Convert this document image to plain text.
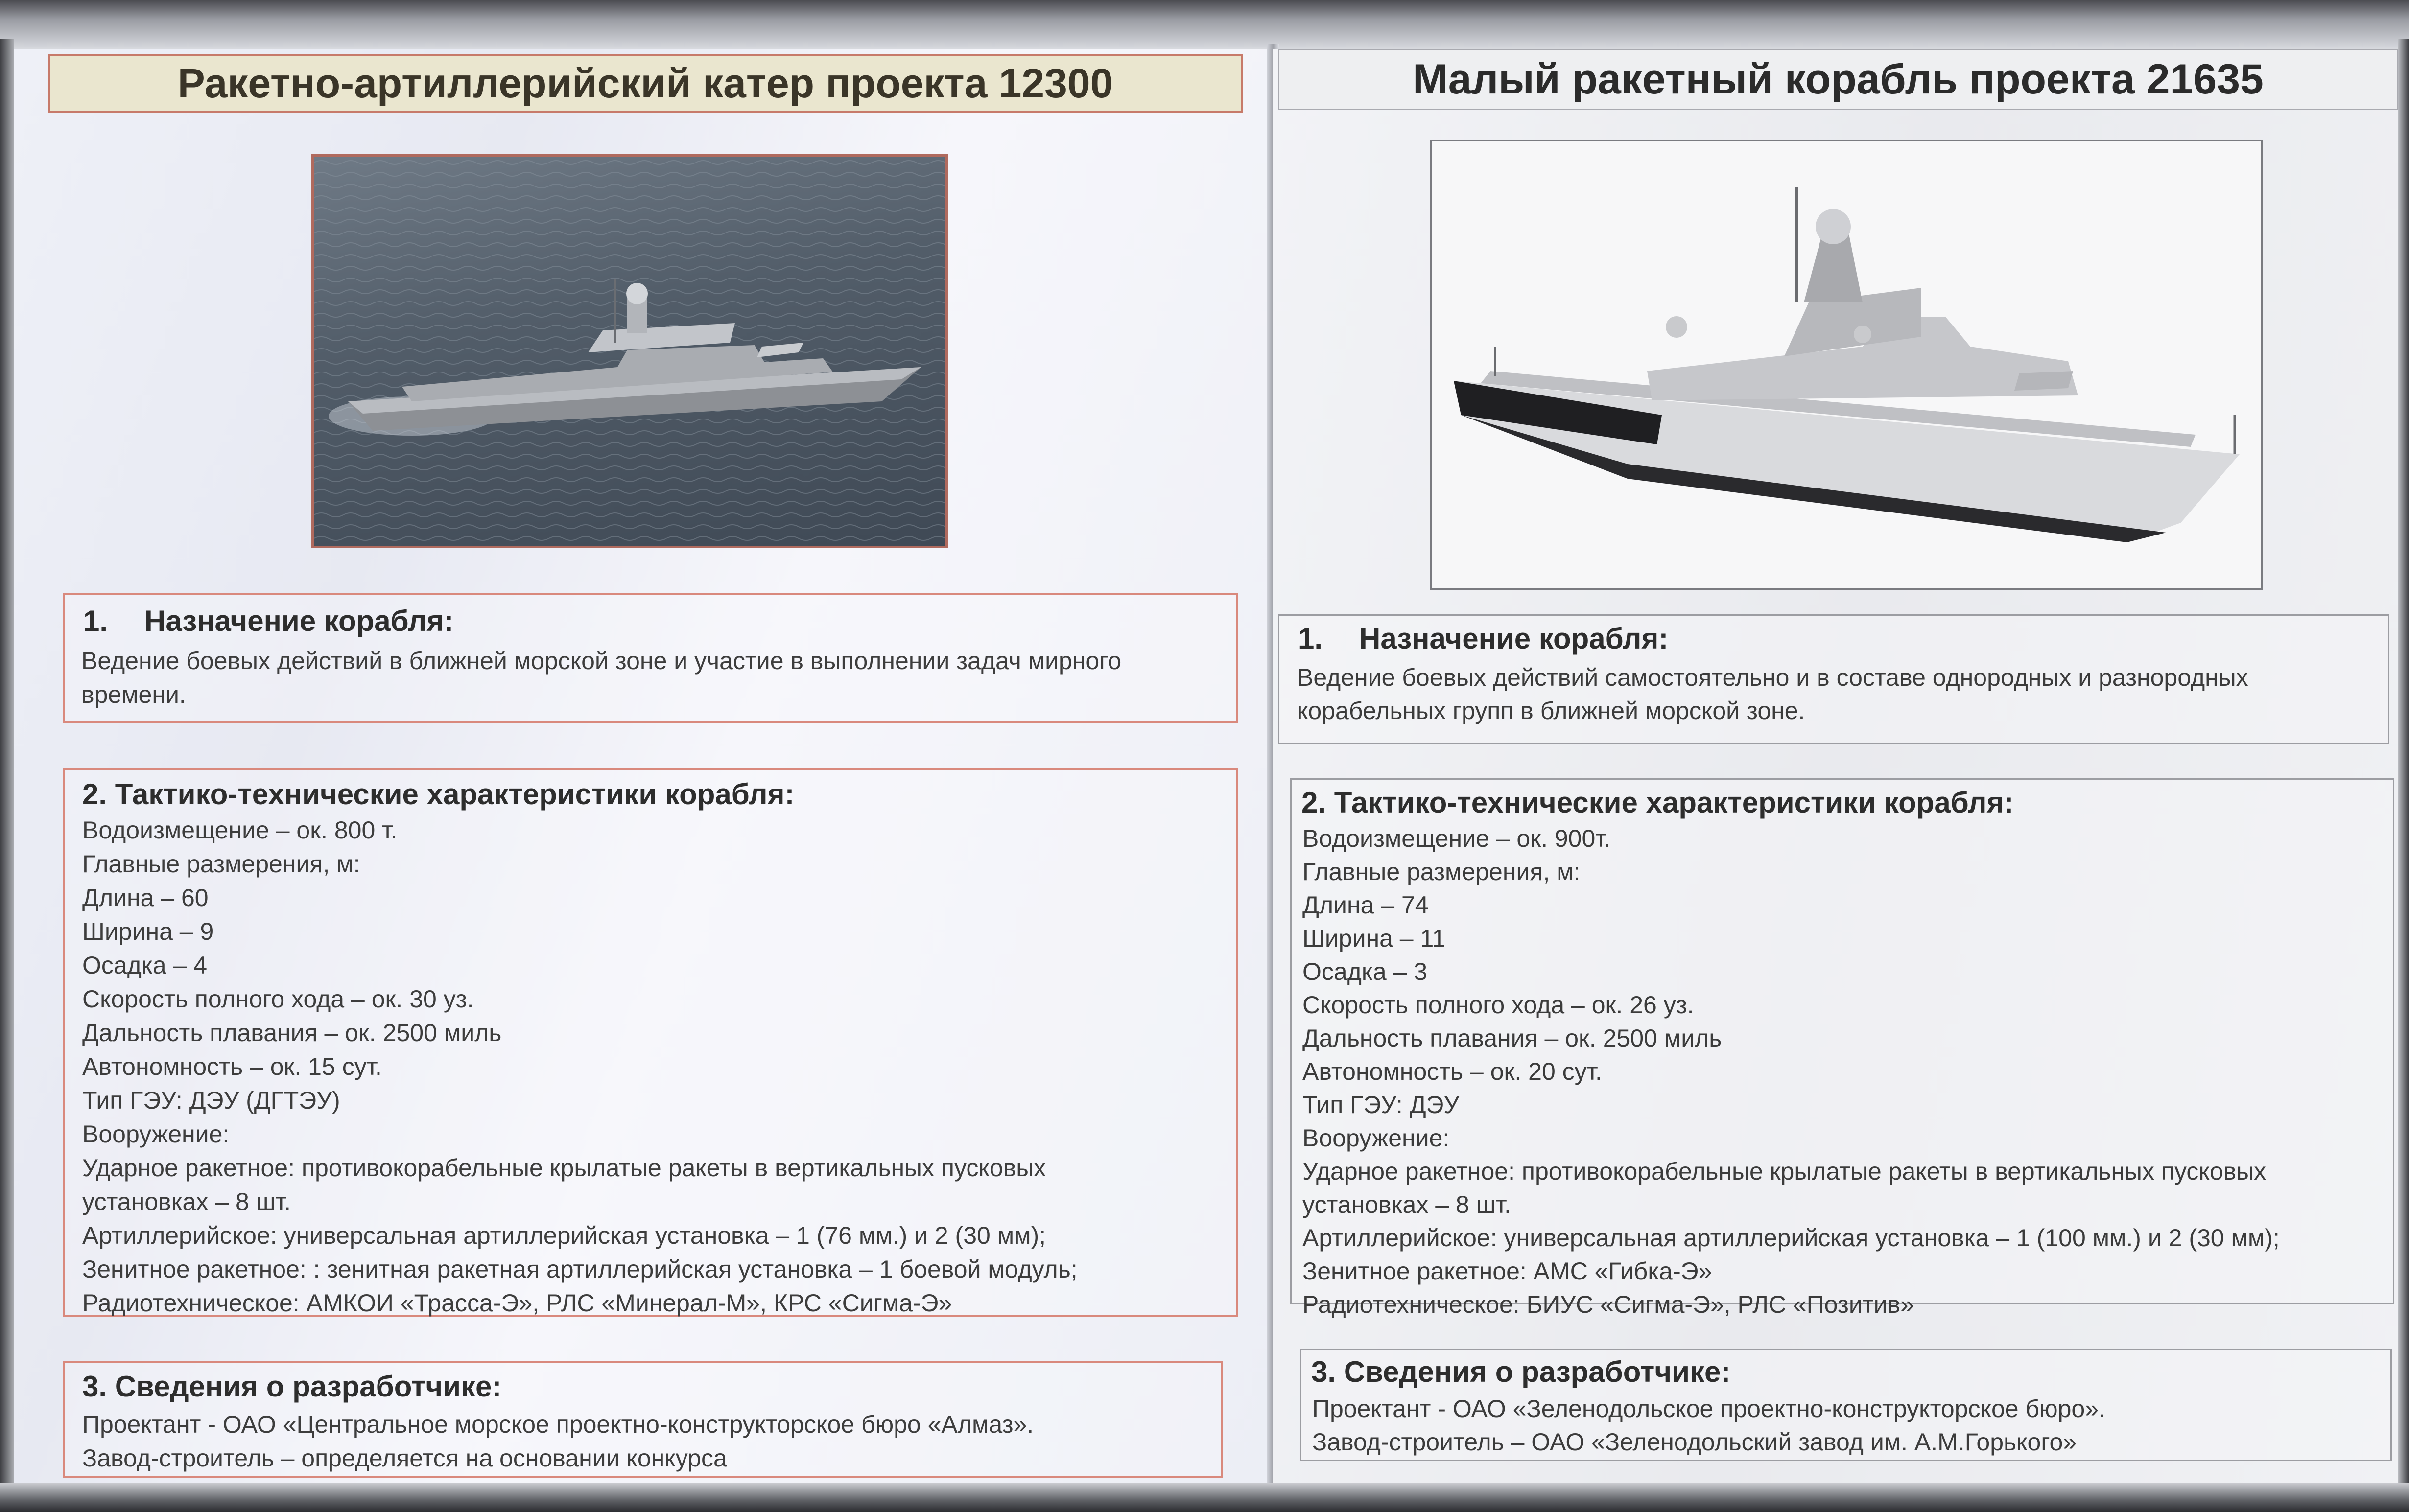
Ракетно-артиллерийский катер проекта 12300
1. Назначение корабля:
Ведение боевых действий в ближней морской зоне и участие в выполнении задач мирного
времени.
2. Тактико-технические характеристики корабля:
Водоизмещение – ок. 800 т.
Главные размерения, м:
Длина – 60
Ширина – 9
Осадка – 4
Скорость полного хода – ок. 30 уз.
Дальность плавания – ок. 2500 миль
Автономность – ок. 15 сут.
Тип ГЭУ: ДЭУ (ДГТЭУ)
Вооружение:
Ударное ракетное: противокорабельные крылатые ракеты в вертикальных пусковых
установках – 8 шт.
Артиллерийское: универсальная артиллерийская установка – 1 (76 мм.) и 2 (30 мм);
Зенитное ракетное: : зенитная ракетная артиллерийская установка – 1 боевой модуль;
Радиотехническое: АМКОИ «Трасса-Э», РЛС «Минерал-М», КРС «Сигма-Э»
3. Сведения о разработчике:
Проектант - ОАО «Центральное морское проектно-конструкторское бюро «Алмаз».
Завод-строитель – определяется на основании конкурса
Малый ракетный корабль проекта 21635
1. Назначение корабля:
Ведение боевых действий самостоятельно и в составе однородных и разнородных
корабельных групп в ближней морской зоне.
2. Тактико-технические характеристики корабля:
Водоизмещение – ок. 900т.
Главные размерения, м:
Длина – 74
Ширина – 11
Осадка – 3
Скорость полного хода – ок. 26 уз.
Дальность плавания – ок. 2500 миль
Автономность – ок. 20 сут.
Тип ГЭУ: ДЭУ
Вооружение:
Ударное ракетное: противокорабельные крылатые ракеты в вертикальных пусковых
установках – 8 шт.
Артиллерийское: универсальная артиллерийская установка – 1 (100 мм.) и 2 (30 мм);
Зенитное ракетное: АМС «Гибка-Э»
Радиотехническое: БИУС «Сигма-Э», РЛС «Позитив»
3. Сведения о разработчике:
Проектант - ОАО «Зеленодольское проектно-конструкторское бюро».
Завод-строитель – ОАО «Зеленодольский завод им. А.М.Горького»
